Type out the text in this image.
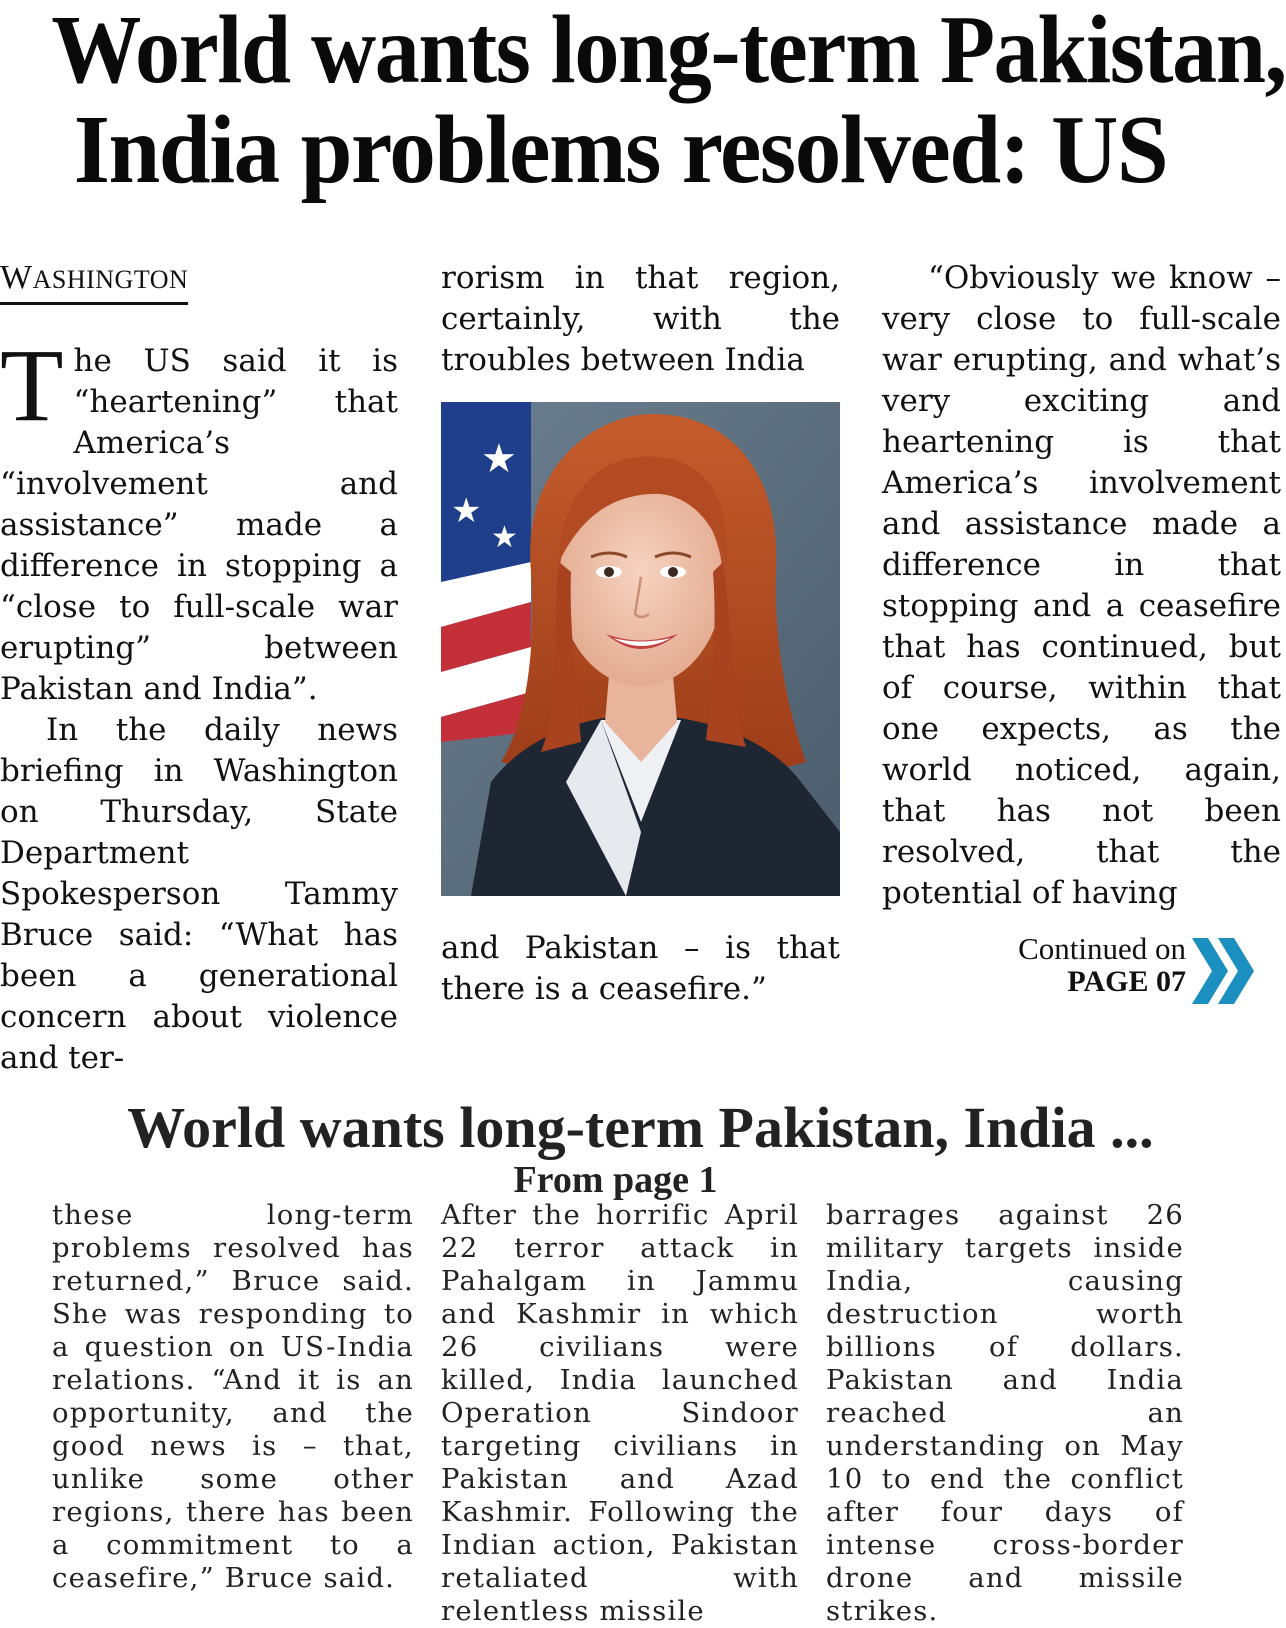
World wants long-term Pakistan,
India problems resolved: US
WASHINGTON

The US said it is “heartening” that America’s “involvement and assistance” made a difference in stopping a “close to full-scale war erupting” between Pakistan and India”.

In the daily news briefing in Washington on Thursday, State Department Spokesperson Tammy Bruce said: “What has been a generational concern about violence and ter-

rorism in that region, certainly, with the troubles between India

★
★
★

and Pakistan – is that there is a ceasefire.”

“Obviously we know – very close to full-scale war erupting, and what’s very exciting and heartening is that America’s involvement and assistance made a difference in that stopping and a ceasefire that has continued, but of course, within that one expects, as the world noticed, again, that has not been resolved, that the potential of having

Continued on
PAGE 07
World wants long-term Pakistan, India ...
From page 1

these long-term problems resolved has returned,” Bruce said. She was responding to a question on US-India relations. “And it is an opportunity, and the good news is – that, unlike some other regions, there has been a commitment to a ceasefire,” Bruce said.

After the horrific April 22 terror attack in Pahalgam in Jammu and Kashmir in which 26 civilians were killed, India launched Operation Sindoor targeting civilians in Pakistan and Azad Kashmir. Following the Indian action, Pakistan retaliated with relentless missile

barrages against 26 military targets inside India, causing destruction worth billions of dollars. Pakistan and India reached an understanding on May 10 to end the conflict after four days of intense cross-border drone and missile strikes.
